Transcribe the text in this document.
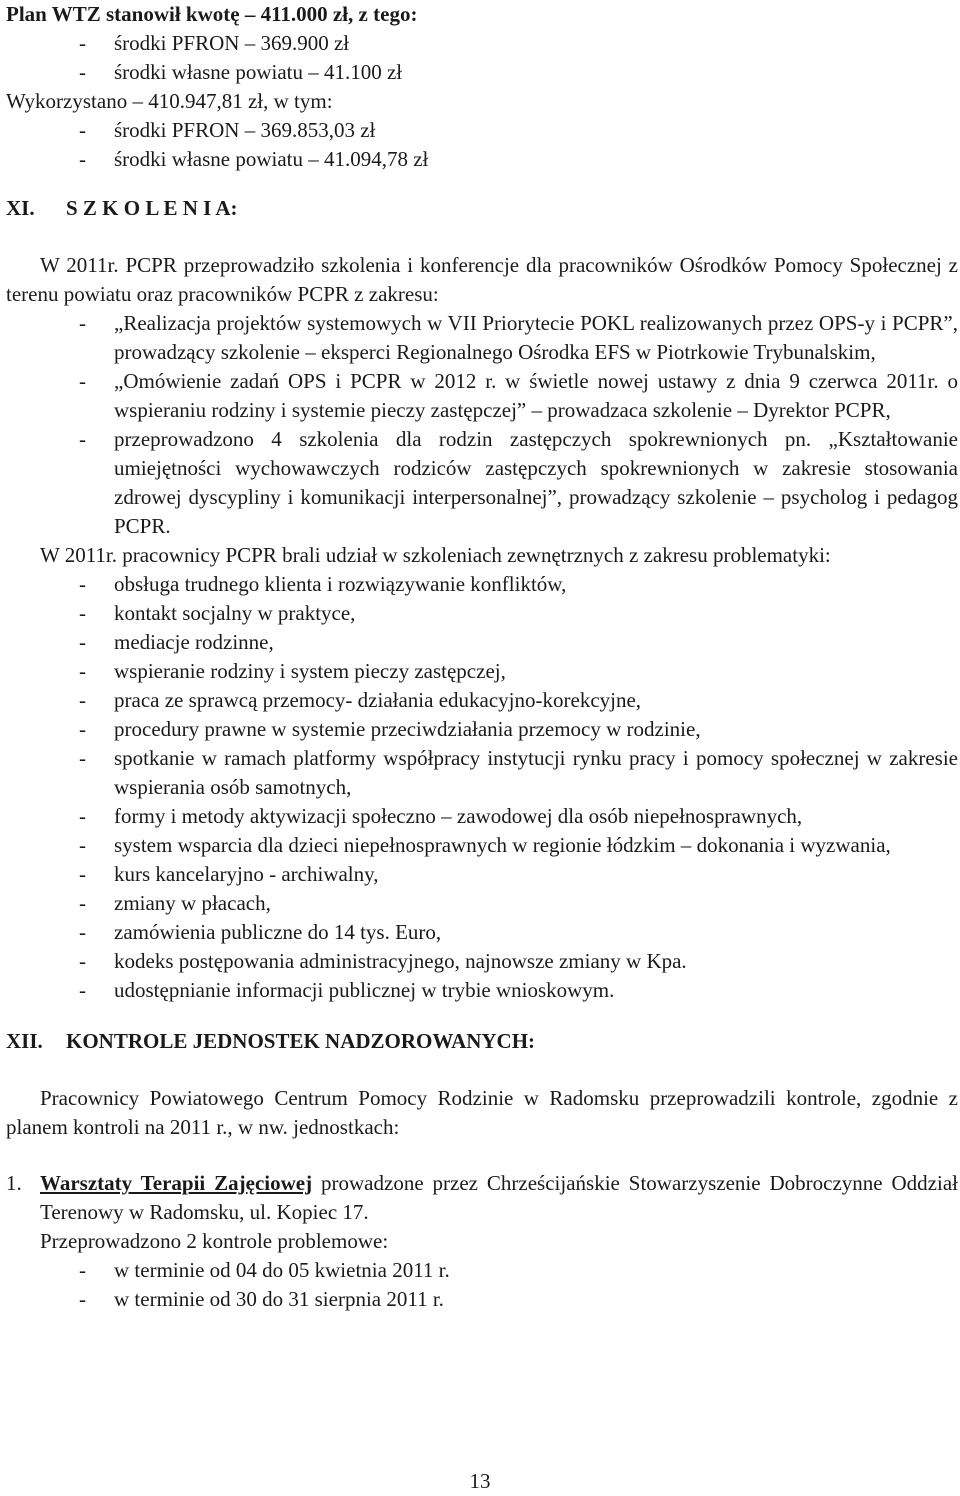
Plan WTZ stanowił kwotę – 411.000 zł, z tego:

- środki PFRON – 369.900 zł
- środki własne powiatu – 41.100 zł

Wykorzystano – 410.947,81 zł, w tym:

- środki PFRON – 369.853,03 zł
- środki własne powiatu – 41.094,78 zł

XI. S Z K O L E N I A:

W 2011r. PCPR przeprowadziło szkolenia i konferencje dla pracowników Ośrodków Pomocy Społecznej z terenu powiatu oraz pracowników PCPR z zakresu:

- „Realizacja projektów systemowych w VII Priorytecie POKL realizowanych przez OPS-y i PCPR”, prowadzący szkolenie – eksperci Regionalnego Ośrodka EFS w Piotrkowie Trybunalskim,
- „Omówienie zadań OPS i PCPR w 2012 r. w świetle nowej ustawy z dnia 9 czerwca 2011r. o wspieraniu rodziny i systemie pieczy zastępczej” – prowadzaca szkolenie – Dyrektor PCPR,
- przeprowadzono 4 szkolenia dla rodzin zastępczych spokrewnionych pn. „Kształtowanie umiejętności wychowawczych rodziców zastępczych spokrewnionych w zakresie stosowania zdrowej dyscypliny i komunikacji interpersonalnej”, prowadzący szkolenie – psycholog i pedagog PCPR.

W 2011r. pracownicy PCPR brali udział w szkoleniach zewnętrznych z zakresu problematyki:

- obsługa trudnego klienta i rozwiązywanie konfliktów,
- kontakt socjalny w praktyce,
- mediacje rodzinne,
- wspieranie rodziny i system pieczy zastępczej,
- praca ze sprawcą przemocy- działania edukacyjno-korekcyjne,
- procedury prawne w systemie przeciwdziałania przemocy w rodzinie,
- spotkanie w ramach platformy współpracy instytucji rynku pracy i pomocy społecznej w zakresie wspierania osób samotnych,
- formy i metody aktywizacji społeczno – zawodowej dla osób niepełnosprawnych,
- system wsparcia dla dzieci niepełnosprawnych w regionie łódzkim – dokonania i wyzwania,
- kurs kancelaryjno - archiwalny,
- zmiany w płacach,
- zamówienia publiczne do 14 tys. Euro,
- kodeks postępowania administracyjnego, najnowsze zmiany w Kpa.
- udostępnianie informacji publicznej w trybie wnioskowym.

XII. KONTROLE JEDNOSTEK NADZOROWANYCH:

Pracownicy Powiatowego Centrum Pomocy Rodzinie w Radomsku przeprowadzili kontrole, zgodnie z planem kontroli na 2011 r., w nw. jednostkach:

1. Warsztaty Terapii Zajęciowej prowadzone przez Chrześcijańskie Stowarzyszenie Dobroczynne Oddział Terenowy w Radomsku, ul. Kopiec 17.

Przeprowadzono 2 kontrole problemowe:

- w terminie od 04 do 05 kwietnia 2011 r.
- w terminie od 30 do 31 sierpnia 2011 r.
13
